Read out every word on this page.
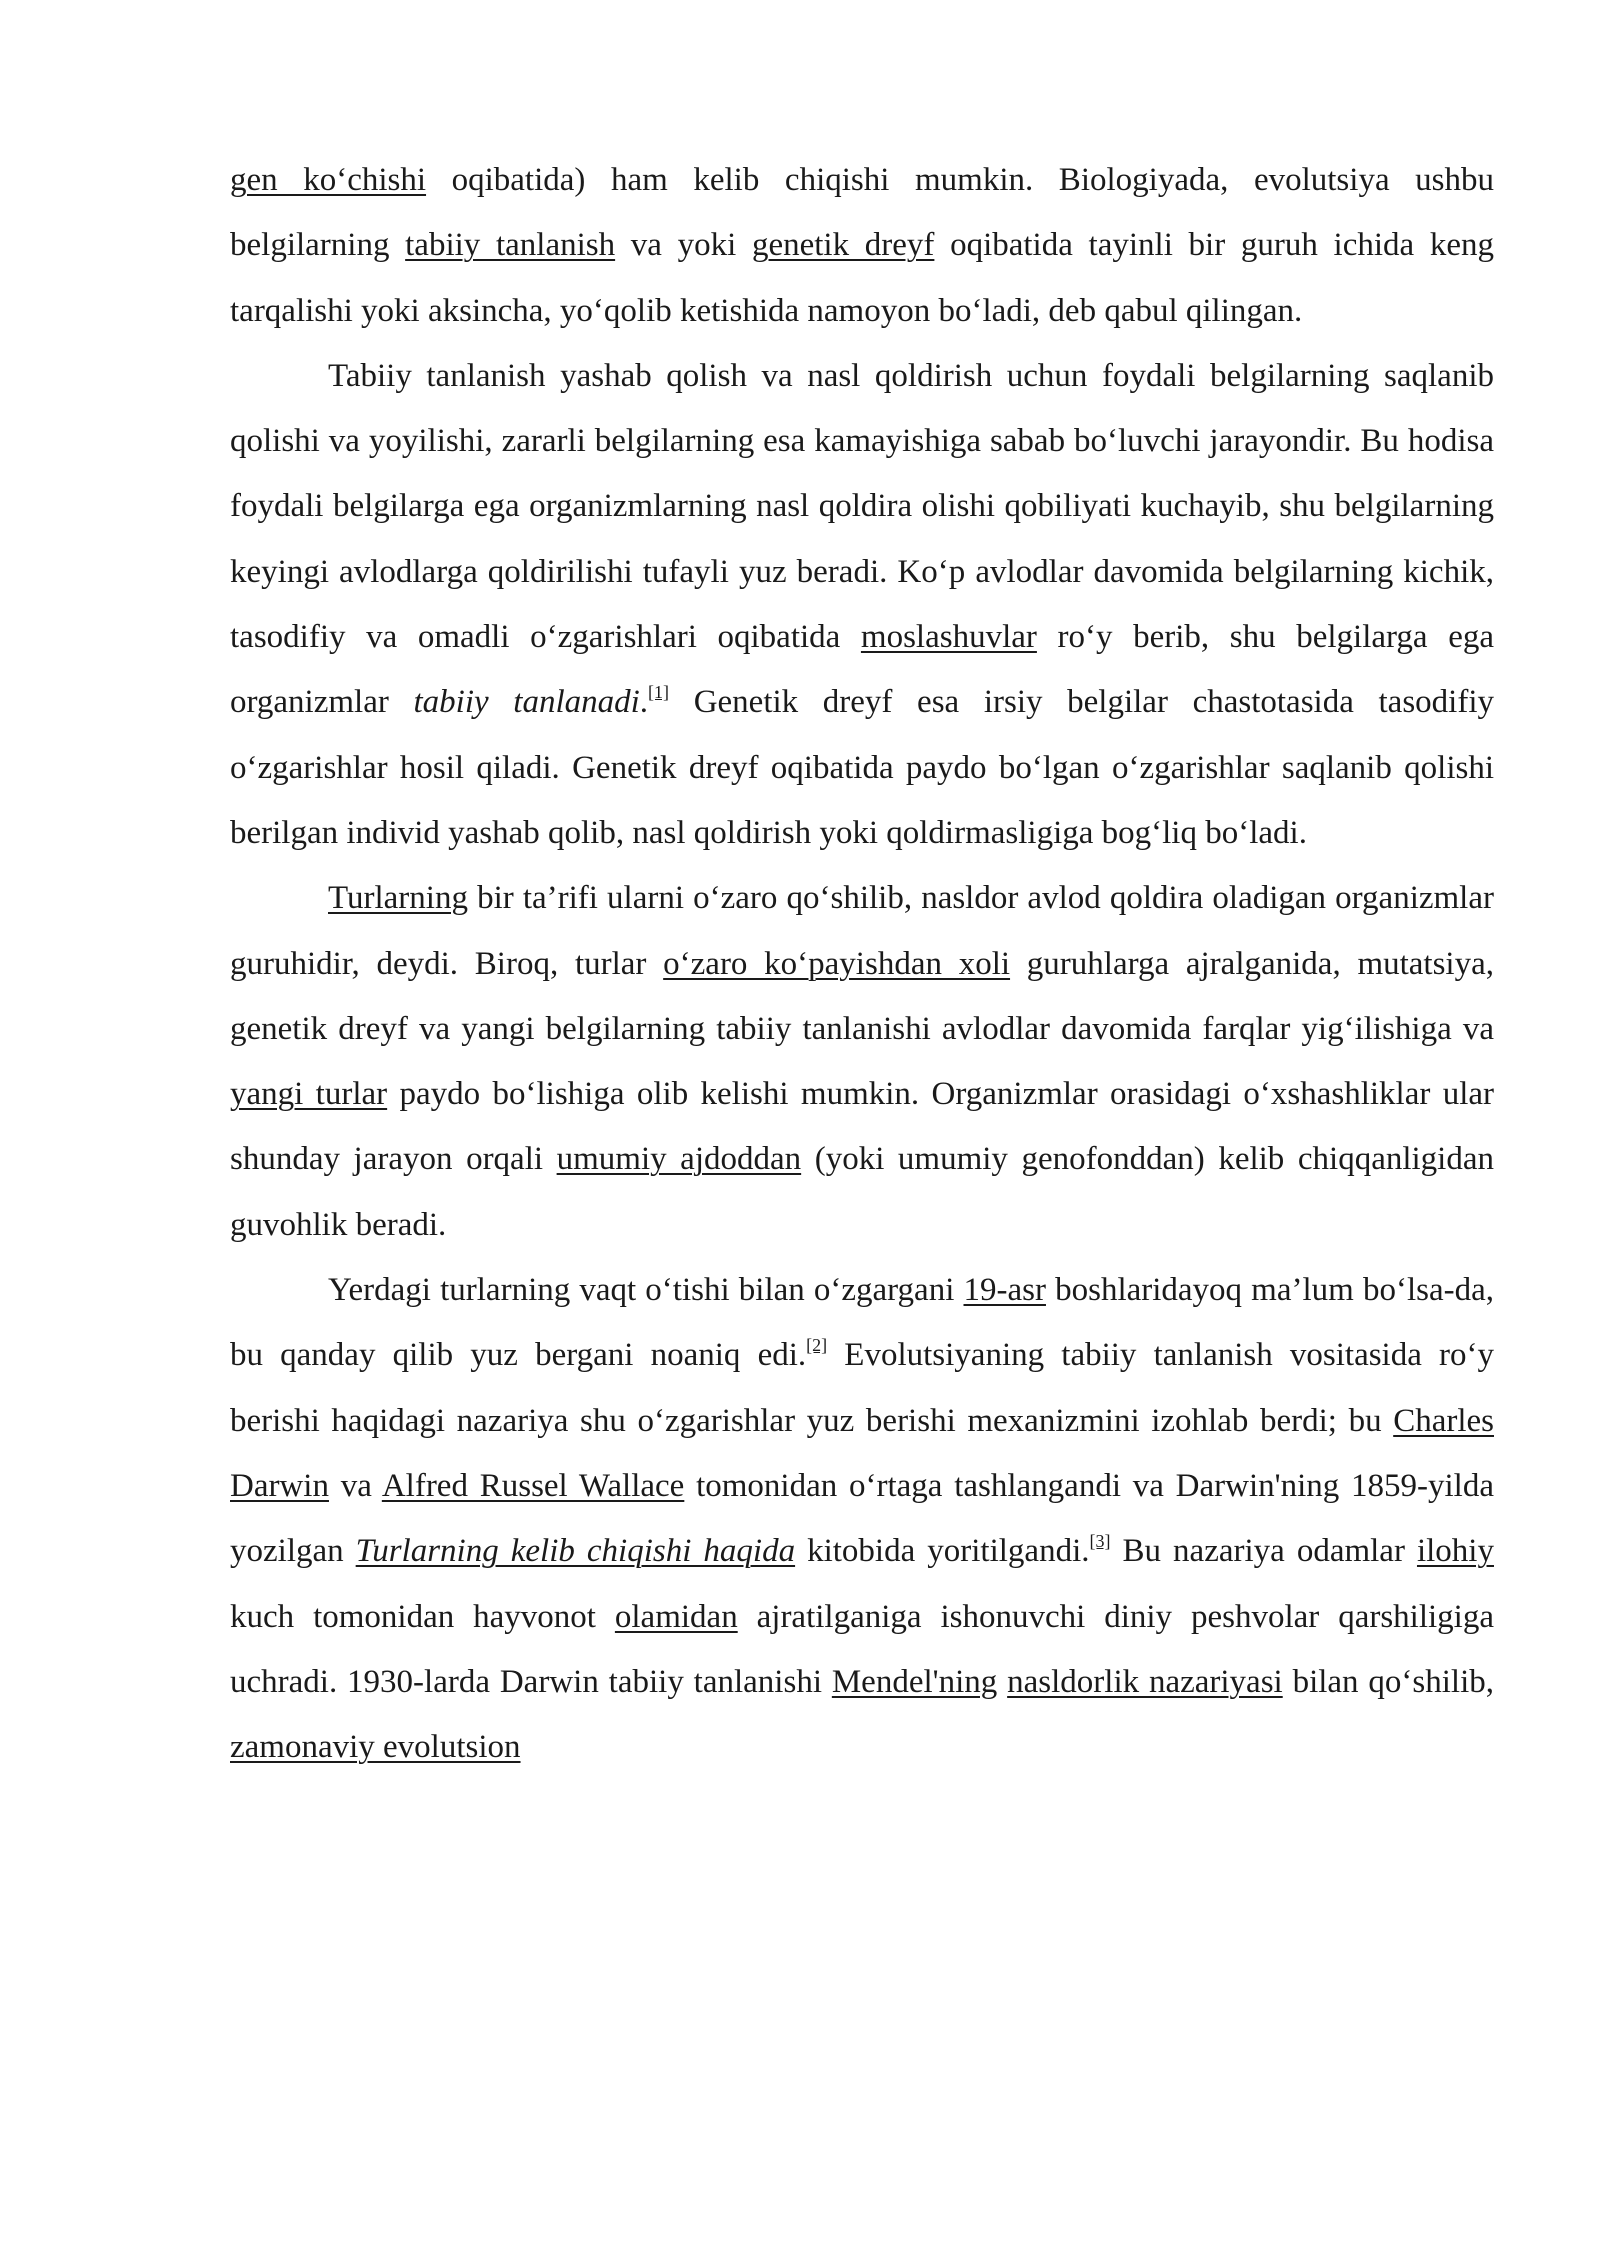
gen ko‘chishi oqibatida) ham kelib chiqishi mumkin. Biologiyada, evolutsiya ushbu belgilarning tabiiy tanlanish va yoki genetik dreyf oqibatida tayinli bir guruh ichida keng tarqalishi yoki aksincha, yo‘qolib ketishida namoyon bo‘ladi, deb qabul qilingan.

Tabiiy tanlanish yashab qolish va nasl qoldirish uchun foydali belgilarning saqlanib qolishi va yoyilishi, zararli belgilarning esa kamayishiga sabab bo‘luvchi jarayondir. Bu hodisa foydali belgilarga ega organizmlarning nasl qoldira olishi qobiliyati kuchayib, shu belgilarning keyingi avlodlarga qoldirilishi tufayli yuz beradi. Ko‘p avlodlar davomida belgilarning kichik, tasodifiy va omadli o‘zgarishlari oqibatida moslashuvlar ro‘y berib, shu belgilarga ega organizmlar tabiiy tanlanadi.[1] Genetik dreyf esa irsiy belgilar chastotasida tasodifiy o‘zgarishlar hosil qiladi. Genetik dreyf oqibatida paydo bo‘lgan o‘zgarishlar saqlanib qolishi berilgan individ yashab qolib, nasl qoldirish yoki qoldirmasligiga bog‘liq bo‘ladi.

Turlarning bir ta’rifi ularni o‘zaro qo‘shilib, nasldor avlod qoldira oladigan organizmlar guruhidir, deydi. Biroq, turlar o‘zaro ko‘payishdan xoli guruhlarga ajralganida, mutatsiya, genetik dreyf va yangi belgilarning tabiiy tanlanishi avlodlar davomida farqlar yig‘ilishiga va yangi turlar paydo bo‘lishiga olib kelishi mumkin. Organizmlar orasidagi o‘xshashliklar ular shunday jarayon orqali umumiy ajdoddan (yoki umumiy genofonddan) kelib chiqqanligidan guvohlik beradi.

Yerdagi turlarning vaqt o‘tishi bilan o‘zgargani 19-asr boshlaridayoq ma’lum bo‘lsa-da, bu qanday qilib yuz bergani noaniq edi.[2] Evolutsiyaning tabiiy tanlanish vositasida ro‘y berishi haqidagi nazariya shu o‘zgarishlar yuz berishi mexanizmini izohlab berdi; bu Charles Darwin va Alfred Russel Wallace tomonidan o‘rtaga tashlangandi va Darwin'ning 1859-yilda yozilgan Turlarning kelib chiqishi haqida kitobida yoritilgandi.[3] Bu nazariya odamlar ilohiy kuch tomonidan hayvonot olamidan ajratilganiga ishonuvchi diniy peshvolar qarshiligiga uchradi. 1930-larda Darwin tabiiy tanlanishi Mendel'ning nasldorlik nazariyasi bilan qo‘shilib, zamonaviy evolutsion
